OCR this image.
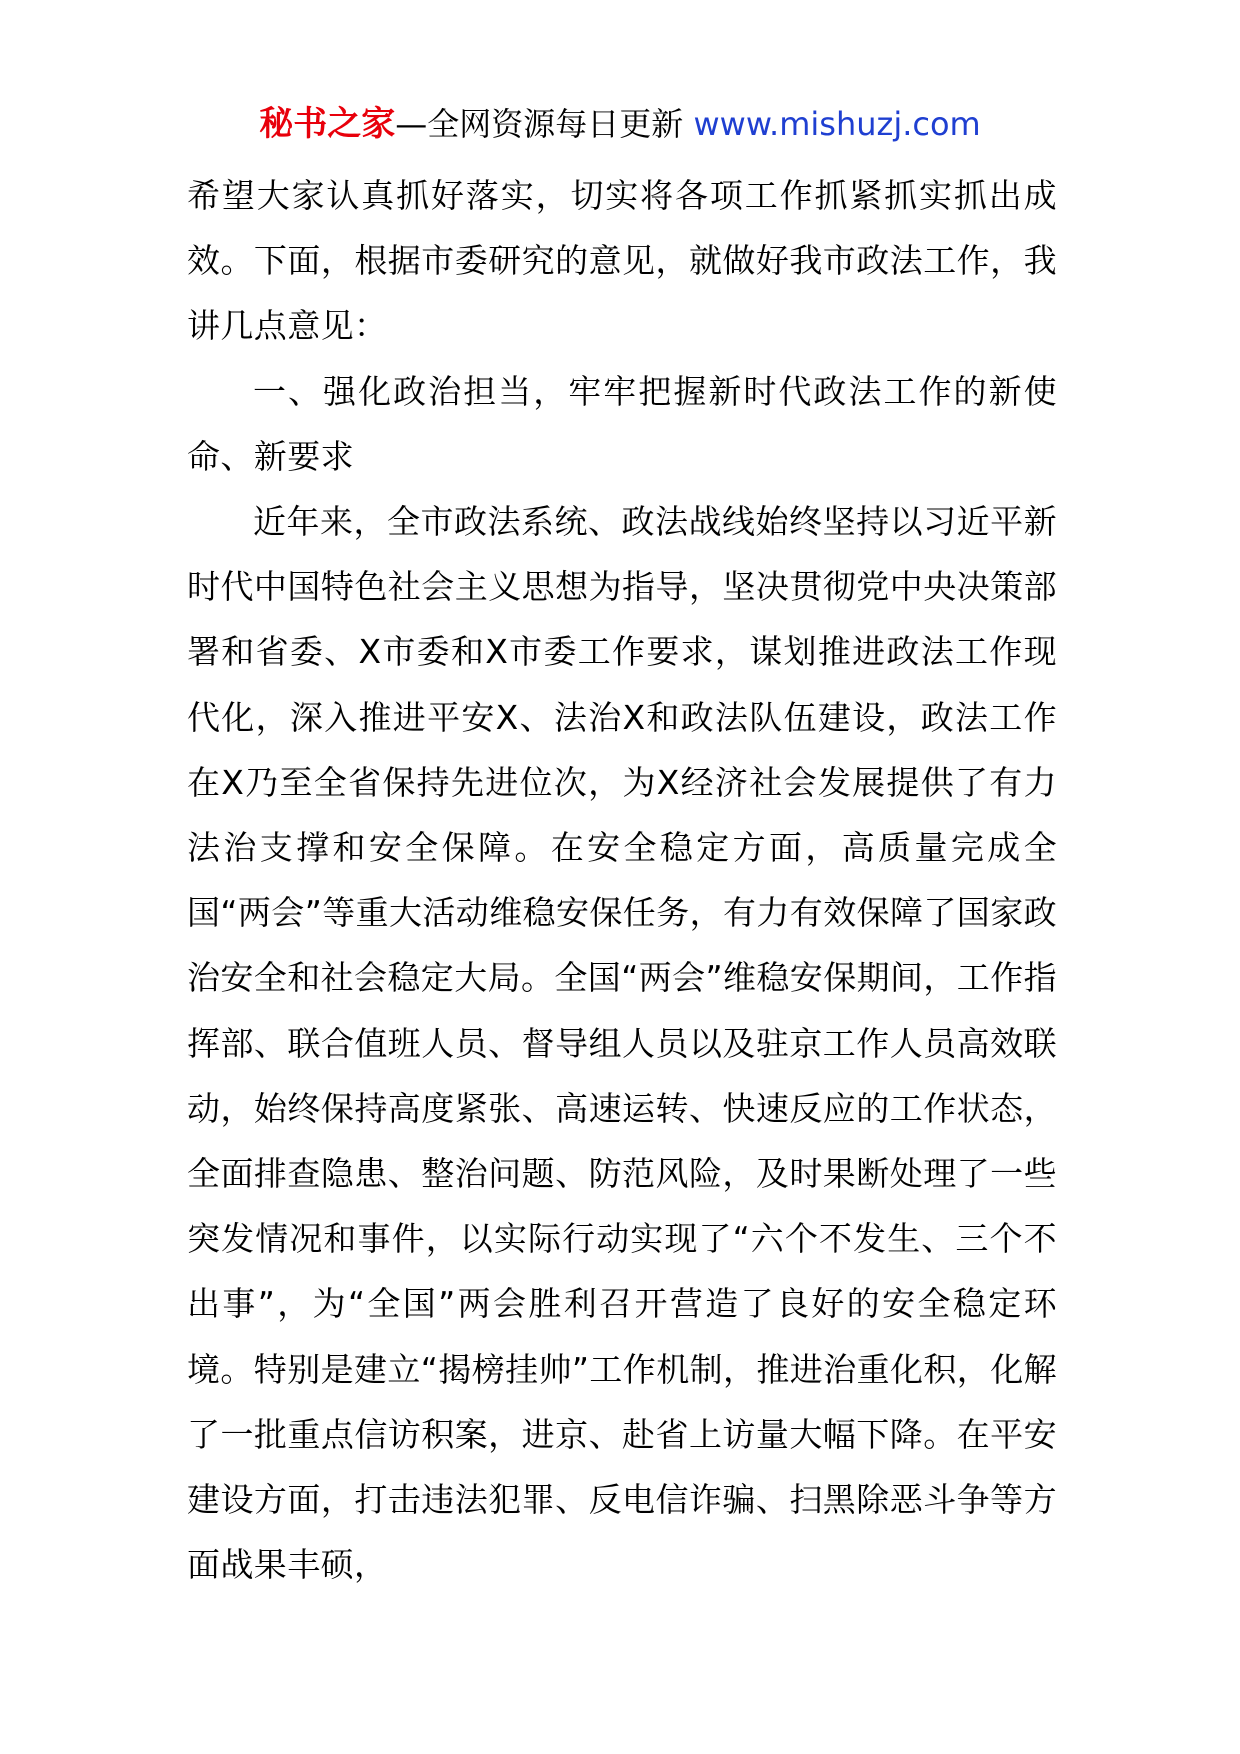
秘书之家—全网资源每日更新 www.mishuzj.com

希望大家认真抓好落实，切实将各项工作抓紧抓实抓出成效。下面，根据市委研究的意见，就做好我市政法工作，我讲几点意见：

一、强化政治担当，牢牢把握新时代政法工作的新使命、新要求

近年来，全市政法系统、政法战线始终坚持以习近平新时代中国特色社会主义思想为指导，坚决贯彻党中央决策部署和省委、X市委和X市委工作要求，谋划推进政法工作现代化，深入推进平安X、法治X和政法队伍建设，政法工作在X乃至全省保持先进位次，为X经济社会发展提供了有力法治支撑和安全保障。在安全稳定方面，高质量完成全国“两会”等重大活动维稳安保任务，有力有效保障了国家政治安全和社会稳定大局。全国“两会”维稳安保期间，工作指挥部、联合值班人员、督导组人员以及驻京工作人员高效联动，始终保持高度紧张、高速运转、快速反应的工作状态，全面排查隐患、整治问题、防范风险，及时果断处理了一些突发情况和事件，以实际行动实现了“六个不发生、三个不出事”，为“全国”两会胜利召开营造了良好的安全稳定环境。特别是建立“揭榜挂帅”工作机制，推进治重化积，化解了一批重点信访积案，进京、赴省上访量大幅下降。在平安建设方面，打击违法犯罪、反电信诈骗、扫黑除恶斗争等方面战果丰硕，
